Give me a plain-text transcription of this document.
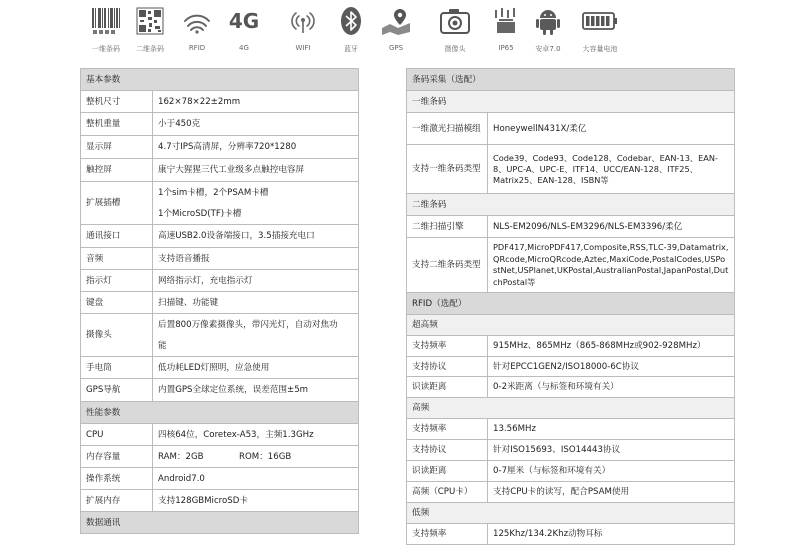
一维条码	二维条码	RFID
4G
4G	WIFI	蓝牙	GPS	摄像头	IP65	安卓7.0	大容量电池
基本参数	
整机尺寸	162×78×22±2mm
整机重量	小于450克
显示屏	4.7寸IPS高清屏，分辨率720*1280
触控屏	康宁大猩猩三代工业级多点触控电容屏
扩展插槽	1个sim卡槽，2个PSAM卡槽
1个MicroSD(TF)卡槽

通讯接口	高速USB2.0设备端接口，3.5插接充电口
音频	支持语音播报
指示灯	网络指示灯，充电指示灯
键盘	扫描键、功能键
摄像头	后置800万像素摄像头，带闪光灯，自动对焦功
能

手电筒	低功耗LED灯照明，应急使用
GPS导航	内置GPS全球定位系统，误差范围±5m
性能参数	
CPU	四核64位，Coretex-A53，主频1.3GHz
内存容量	RAM：2GB             ROM：16GB
操作系统	Android7.0
扩展内存	支持128GBMicroSD卡
数据通讯	
条码采集（选配）	
一维条码	
一维激光扫描模组	HoneywellN431X/柔亿
支持一维条码类型	Code39、Code93、Code128、Codebar、EAN-13、EAN-8、UPC-A、UPC-E、ITF14、UCC/EAN-128、ITF25、Matrix25、EAN-128、ISBN等
二维条码	
二维扫描引擎	NLS-EM2096/NLS-EM3296/NLS-EM3396/柔亿
支持二维条码类型	PDF417,MicroPDF417,Composite,RSS,TLC-39,Datamatrix,QRcode,MicroQRcode,Aztec,MaxiCode,PostalCodes,USPostNet,USPlanet,UKPostal,AustralianPostal,JapanPostal,DutchPostal等
RFID（选配）	
超高频	
支持频率	915MHz、865MHz（865-868MHz或902-928MHz）
支持协议	针对EPCC1GEN2/ISO18000-6C协议
识读距离	0-2米距离（与标签和环境有关）
高频	
支持频率	13.56MHz
支持协议	针对ISO15693、ISO14443协议
识读距离	0-7厘米（与标签和环境有关）
高频（CPU卡）	支持CPU卡的读写，配合PSAM使用
低频	
支持频率	125Khz/134.2Khz动物耳标
